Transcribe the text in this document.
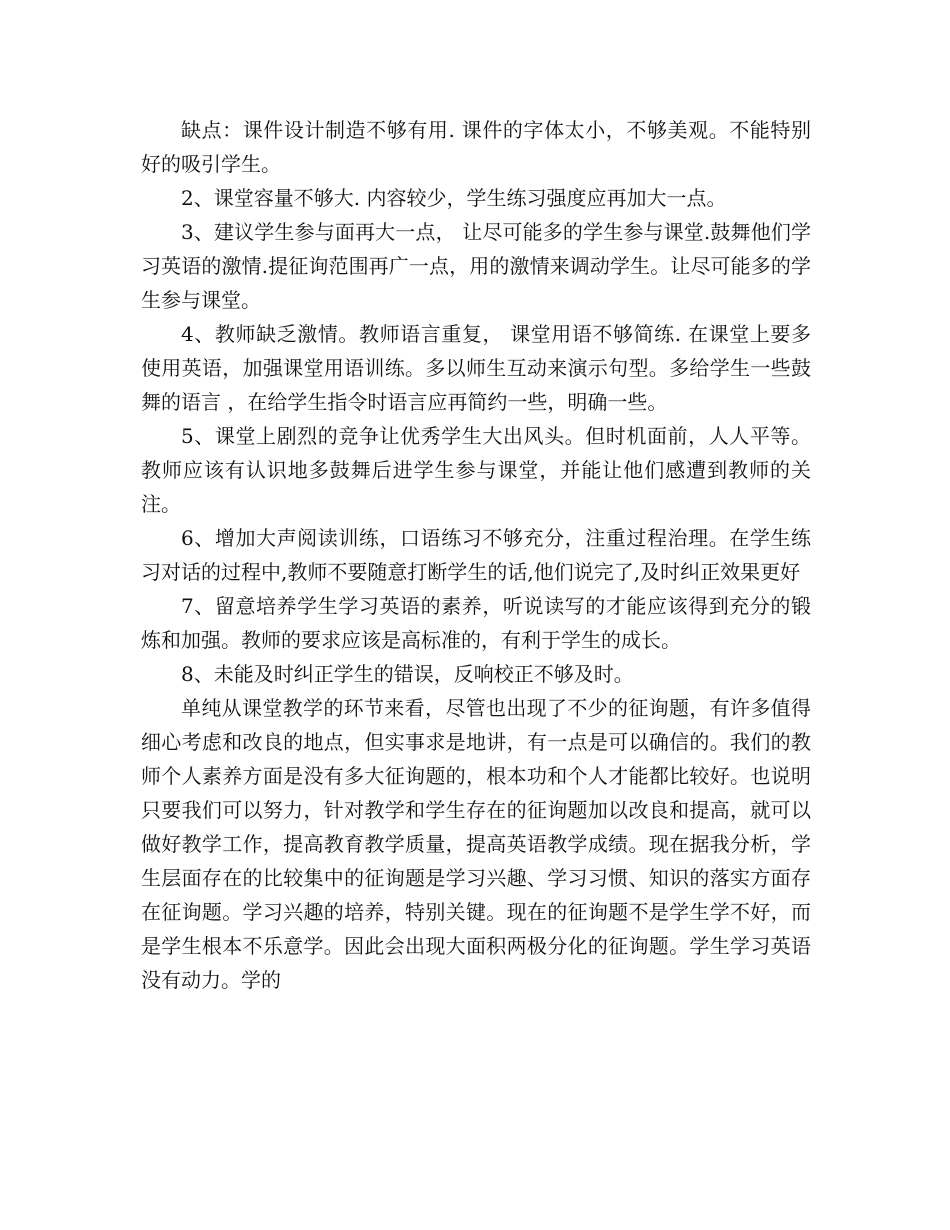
缺点：课件设计制造不够有用. 课件的字体太小，不够美观。不能特别好的吸引学生。

2、课堂容量不够大. 内容较少，学生练习强度应再加大一点。

3、建议学生参与面再大一点， 让尽可能多的学生参与课堂.鼓舞他们学习英语的激情.提征询范围再广一点，用的激情来调动学生。让尽可能多的学生参与课堂。

4、教师缺乏激情。教师语言重复， 课堂用语不够简练. 在课堂上要多使用英语，加强课堂用语训练。多以师生互动来演示句型。多给学生一些鼓舞的语言 ，在给学生指令时语言应再简约一些，明确一些。

5、课堂上剧烈的竞争让优秀学生大出风头。但时机面前，人人平等。教师应该有认识地多鼓舞后进学生参与课堂，并能让他们感遭到教师的关注。

6、增加大声阅读训练，口语练习不够充分，注重过程治理。在学生练习对话的过程中,教师不要随意打断学生的话,他们说完了,及时纠正效果更好

7、留意培养学生学习英语的素养，听说读写的才能应该得到充分的锻炼和加强。教师的要求应该是高标准的，有利于学生的成长。

8、未能及时纠正学生的错误，反响校正不够及时。

单纯从课堂教学的环节来看，尽管也出现了不少的征询题，有许多值得细心考虑和改良的地点，但实事求是地讲，有一点是可以确信的。我们的教师个人素养方面是没有多大征询题的，根本功和个人才能都比较好。也说明只要我们可以努力，针对教学和学生存在的征询题加以改良和提高，就可以做好教学工作，提高教育教学质量，提高英语教学成绩。现在据我分析，学生层面存在的比较集中的征询题是学习兴趣、学习习惯、知识的落实方面存在征询题。学习兴趣的培养，特别关键。现在的征询题不是学生学不好，而是学生根本不乐意学。因此会出现大面积两极分化的征询题。学生学习英语没有动力。学的
